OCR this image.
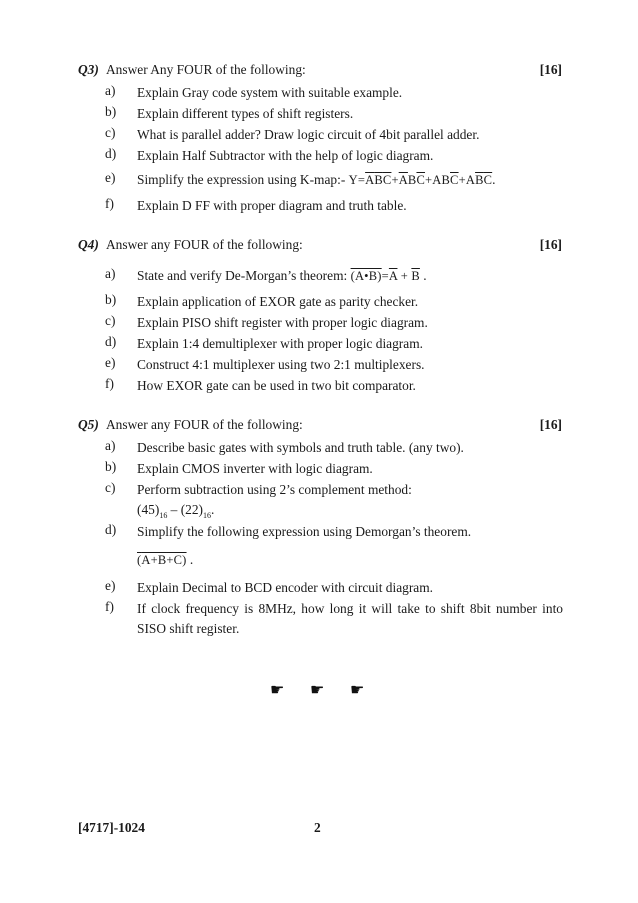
Q3) Answer Any FOUR of the following:	[16]
a) Explain Gray code system with suitable example.
b) Explain different types of shift registers.
c) What is parallel adder? Draw logic circuit of 4bit parallel adder.
d) Explain Half Subtractor with the help of logic diagram.
e) Simplify the expression using K-map:- $Y=\overline{A}\overline{B}\overline{C}+\overline{A}B\overline{C}+AB\overline{C}+A\overline{B}\overline{C}$.
f) Explain D FF with proper diagram and truth table.
Q4) Answer any FOUR of the following:	[16]
a) State and verify De-Morgan’s theorem: $(A•B)=\overline{A} + \overline{B}$ .
b) Explain application of EXOR gate as parity checker.
c) Explain PISO shift register with proper logic diagram.
d) Explain 1:4 demultiplexer with proper logic diagram.
e) Construct 4:1 multiplexer using two 2:1 multiplexers.
f) How EXOR gate can be used in two bit comparator.
Q5) Answer any FOUR of the following:	[16]
a) Describe basic gates with symbols and truth table. (any two).
b) Explain CMOS inverter with logic diagram.
c) Perform subtraction using 2’s complement method:
$(45)_{16} - (22)_{16}$.
d) Simplify the following expression using Demorgan’s theorem.
(A+B+C) .
e) Explain Decimal to BCD encoder with circuit diagram.
f) If clock frequency is 8MHz, how long it will take to shift 8bit number into SISO shift register.
☛ ☛ ☛
[4717]-1024	2
